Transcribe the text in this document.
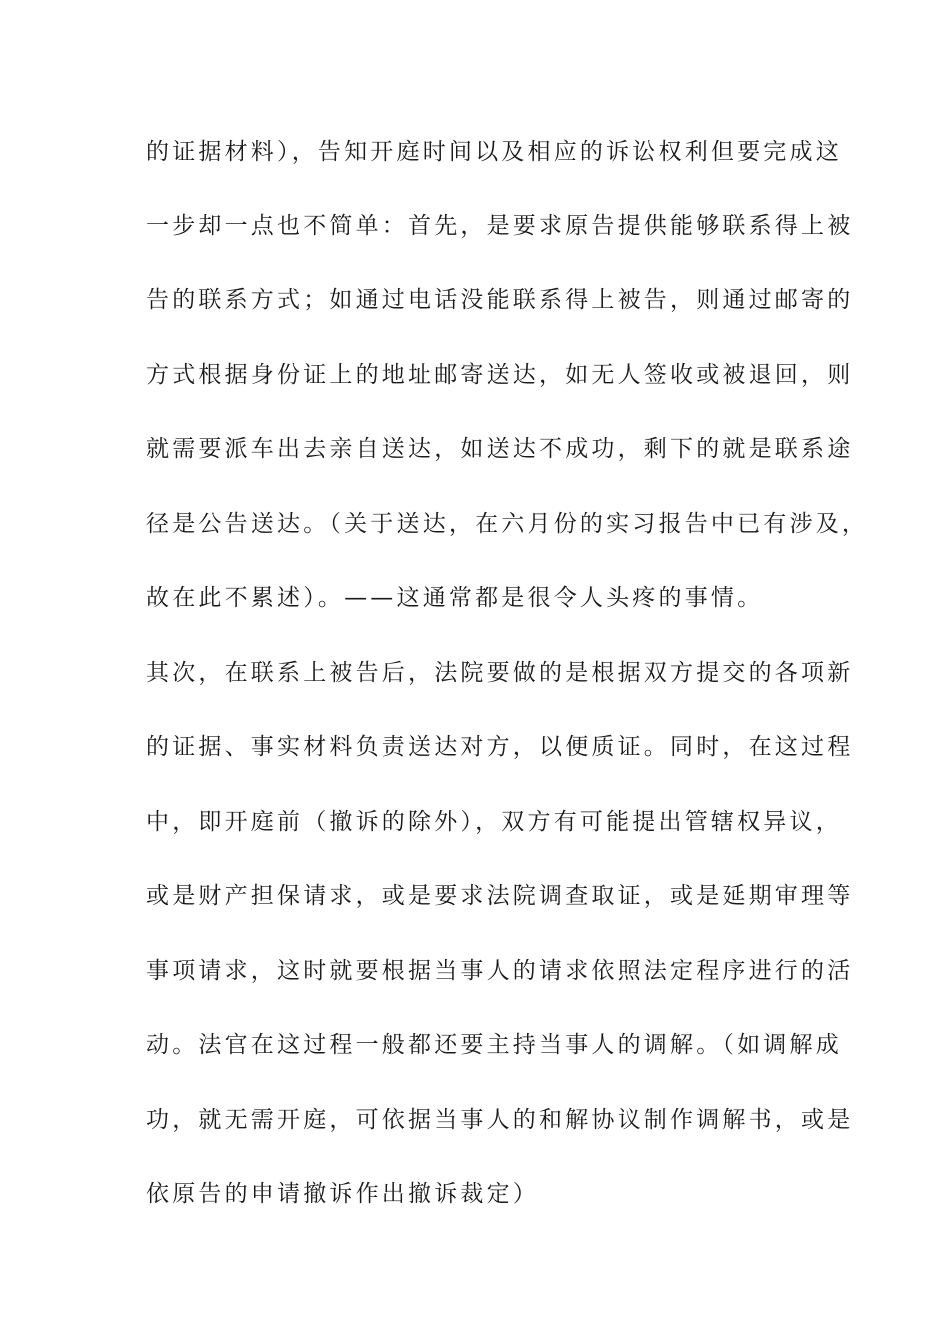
的证据材料），告知开庭时间以及相应的诉讼权利但要完成这

一步却一点也不简单：首先，是要求原告提供能够联系得上被

告的联系方式；如通过电话没能联系得上被告，则通过邮寄的

方式根据身份证上的地址邮寄送达，如无人签收或被退回，则

就需要派车出去亲自送达，如送达不成功，剩下的就是联系途

径是公告送达。（关于送达，在六月份的实习报告中已有涉及，

故在此不累述）。——这通常都是很令人头疼的事情。

其次，在联系上被告后，法院要做的是根据双方提交的各项新

的证据、事实材料负责送达对方，以便质证。同时，在这过程

中，即开庭前（撤诉的除外），双方有可能提出管辖权异议，

或是财产担保请求，或是要求法院调查取证，或是延期审理等

事项请求，这时就要根据当事人的请求依照法定程序进行的活

动。法官在这过程一般都还要主持当事人的调解。（如调解成

功，就无需开庭，可依据当事人的和解协议制作调解书，或是

依原告的申请撤诉作出撤诉裁定）
